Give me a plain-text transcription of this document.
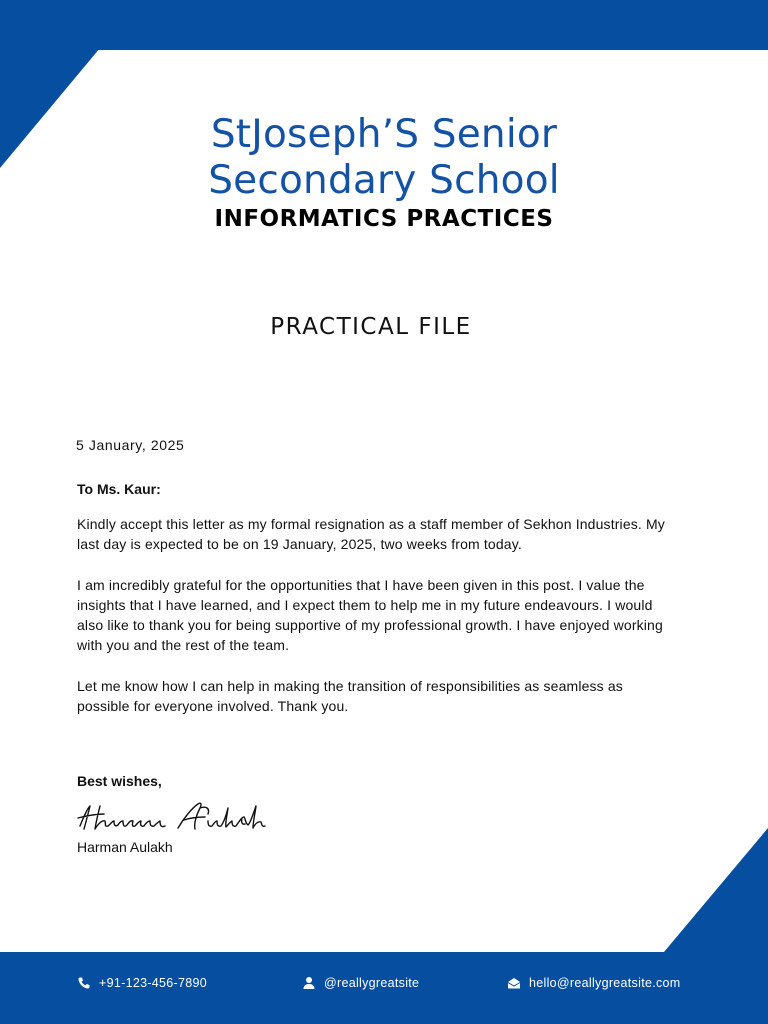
StJoseph’S Senior
Secondary School
INFORMATICS PRACTICES
PRACTICAL FILE
5 January, 2025
To Ms. Kaur:

Kindly accept this letter as my formal resignation as a staff member of Sekhon Industries. My last day is expected to be on 19 January, 2025, two weeks from today.

I am incredibly grateful for the opportunities that I have been given in this post. I value the insights that I have learned, and I expect them to help me in my future endeavours. I would also like to thank you for being supportive of my professional growth. I have enjoyed working with you and the rest of the team.

Let me know how I can help in making the transition of responsibilities as seamless as possible for everyone involved. Thank you.

Best wishes,
Harman Aulakh
+91-123-456-7890	@reallygreatsite	hello@reallygreatsite.com
